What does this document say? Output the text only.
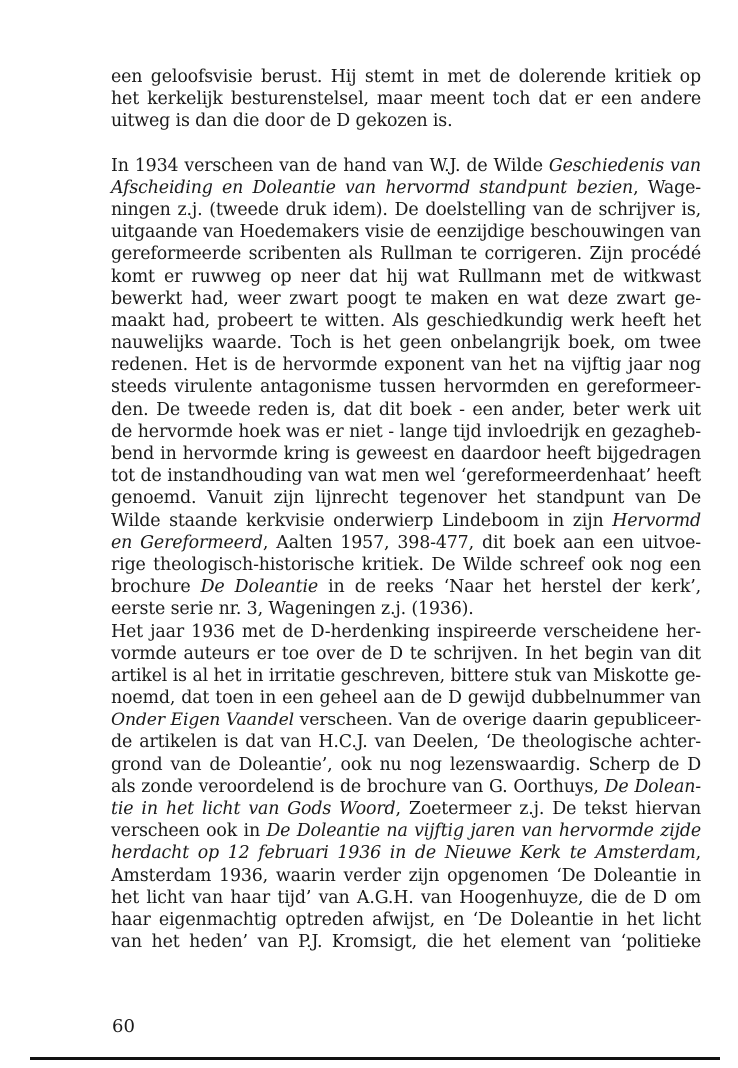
een geloofsvisie berust. Hij stemt in met de dolerende kritiek op
het kerkelijk besturenstelsel, maar meent toch dat er een andere
uitweg is dan die door de D gekozen is.
In 1934 verscheen van de hand van W.J. de Wilde Geschiedenis van
Afscheiding en Doleantie van hervormd standpunt bezien, Wage-
ningen z.j. (tweede druk idem). De doelstelling van de schrijver is,
uitgaande van Hoedemakers visie de eenzijdige beschouwingen van
gereformeerde scribenten als Rullman te corrigeren. Zijn procédé
komt er ruwweg op neer dat hij wat Rullmann met de witkwast
bewerkt had, weer zwart poogt te maken en wat deze zwart ge-
maakt had, probeert te witten. Als geschiedkundig werk heeft het
nauwelijks waarde. Toch is het geen onbelangrijk boek, om twee
redenen. Het is de hervormde exponent van het na vijftig jaar nog
steeds virulente antagonisme tussen hervormden en gereformeer-
den. De tweede reden is, dat dit boek - een ander, beter werk uit
de hervormde hoek was er niet - lange tijd invloedrijk en gezagheb-
bend in hervormde kring is geweest en daardoor heeft bijgedragen
tot de instandhouding van wat men wel ‘gereformeerdenhaat’ heeft
genoemd. Vanuit zijn lijnrecht tegenover het standpunt van De
Wilde staande kerkvisie onderwierp Lindeboom in zijn Hervormd
en Gereformeerd, Aalten 1957, 398-477, dit boek aan een uitvoe-
rige theologisch-historische kritiek. De Wilde schreef ook nog een
brochure De Doleantie in de reeks ‘Naar het herstel der kerk’,
eerste serie nr. 3, Wageningen z.j. (1936).
Het jaar 1936 met de D-herdenking inspireerde verscheidene her-
vormde auteurs er toe over de D te schrijven. In het begin van dit
artikel is al het in irritatie geschreven, bittere stuk van Miskotte ge-
noemd, dat toen in een geheel aan de D gewijd dubbelnummer van
Onder Eigen Vaandel verscheen. Van de overige daarin gepubliceer-
de artikelen is dat van H.C.J. van Deelen, ‘De theologische achter-
grond van de Doleantie’, ook nu nog lezenswaardig. Scherp de D
als zonde veroordelend is de brochure van G. Oorthuys, De Dolean-
tie in het licht van Gods Woord, Zoetermeer z.j. De tekst hiervan
verscheen ook in De Doleantie na vijftig jaren van hervormde zijde
herdacht op 12 februari 1936 in de Nieuwe Kerk te Amsterdam,
Amsterdam 1936, waarin verder zijn opgenomen ‘De Doleantie in
het licht van haar tijd’ van A.G.H. van Hoogenhuyze, die de D om
haar eigenmachtig optreden afwijst, en ‘De Doleantie in het licht
van het heden’ van P.J. Kromsigt, die het element van ‘politieke
60
